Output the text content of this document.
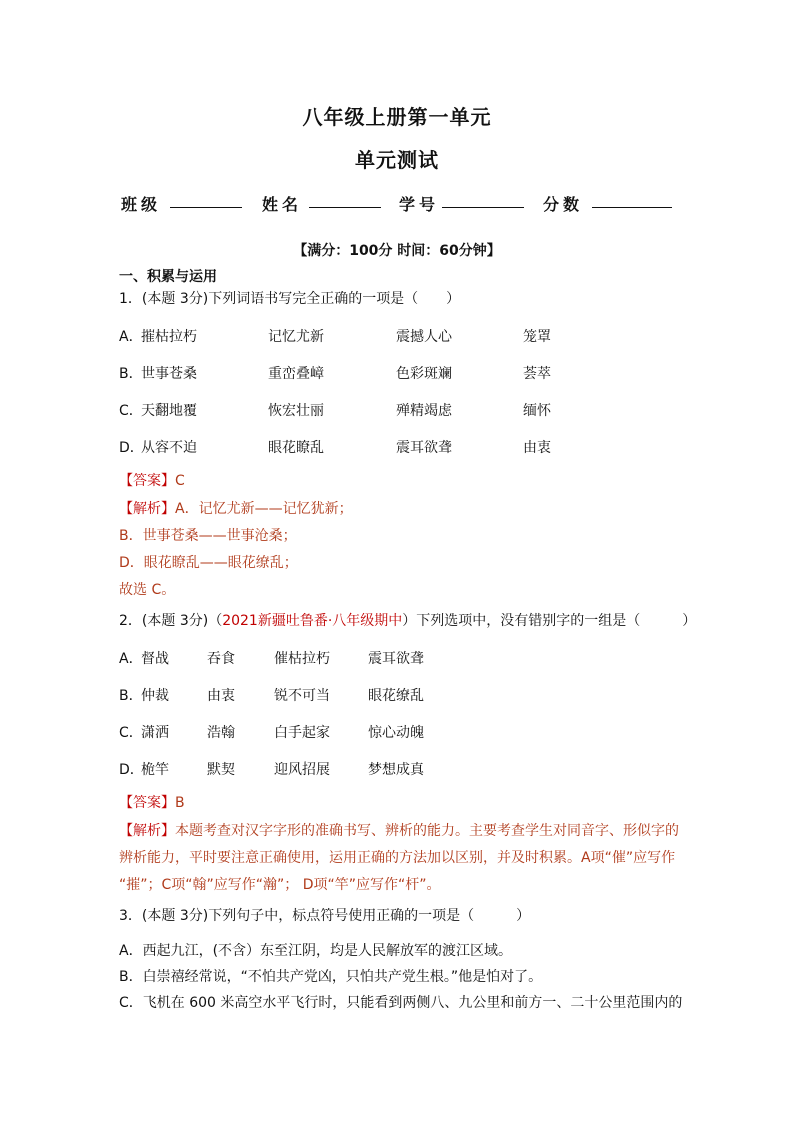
八年级上册第一单元
单元测试
班级	姓名	学号	分数
【满分：100分 时间：60分钟】
一、积累与运用
1．(本题 3分)下列词语书写完全正确的一项是（　　）
A．
摧枯拉朽	记忆尤新	震撼人心	笼罩
B．
世事苍桑	重峦叠嶂	色彩斑斓	荟萃
C．
天翻地覆	恢宏壮丽	殚精竭虑	缅怀
D．
从容不迫	眼花瞭乱	震耳欲聋	由衷
【答案】C
【解析】A．记忆尤新——记忆犹新；
B．世事苍桑——世事沧桑；
D．眼花瞭乱——眼花缭乱；
故选 C。
2．(本题 3分)（2021新疆吐鲁番·八年级期中）下列选项中，没有错别字的一组是（　　　）
A．
督战	吞食	催枯拉朽	震耳欲聋
B．
仲裁	由衷	锐不可当	眼花缭乱
C．
潇洒	浩翰	白手起家	惊心动魄
D．
桅竿	默契	迎风招展	梦想成真
【答案】B
【解析】本题考查对汉字字形的准确书写、辨析的能力。主要考查学生对同音字、形似字的
辨析能力，平时要注意正确使用，运用正确的方法加以区别，并及时积累。A项“催”应写作
“摧”；C项“翰”应写作“瀚”； D项“竿”应写作“杆”。
3．(本题 3分)下列句子中，标点符号使用正确的一项是（　　　）
A．西起九江，(不含）东至江阴，均是人民解放军的渡江区域。
B．白崇禧经常说，“不怕共产党凶，只怕共产党生根。”他是怕对了。
C．飞机在 600 米高空水平飞行时，只能看到两侧八、九公里和前方一、二十公里范围内的
